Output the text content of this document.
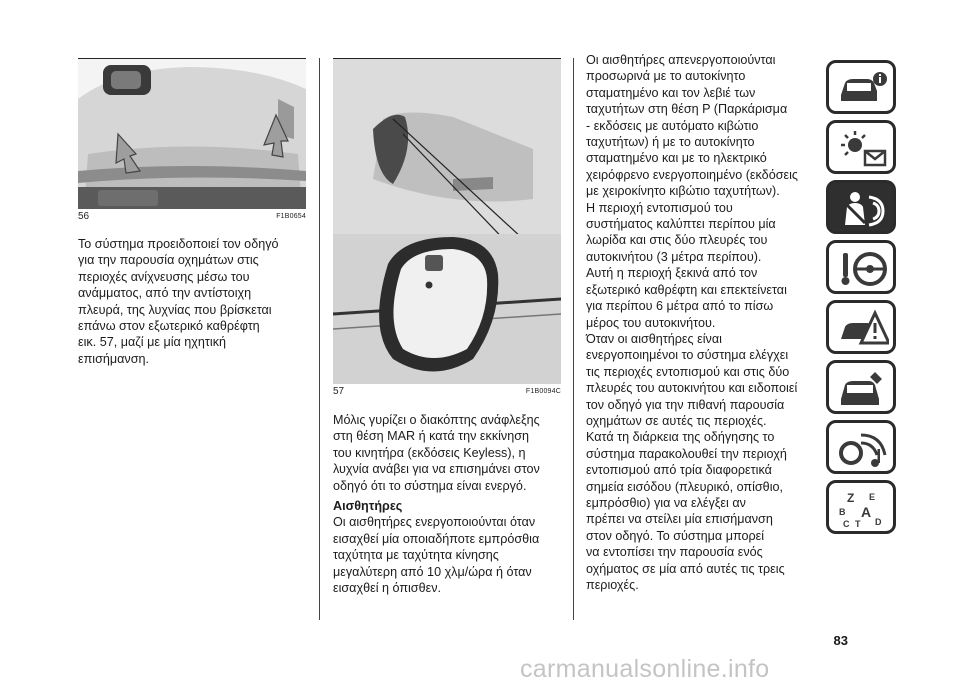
56	F1B0654

Το σύστημα προειδοποιεί τον οδηγό
για την παρουσία οχημάτων στις
περιοχές ανίχνευσης μέσω του
ανάμματος, από την αντίστοιχη
πλευρά, της λυχνίας που βρίσκεται
επάνω στον εξωτερικό καθρέφτη
εικ. 57, μαζί με μία ηχητική
επισήμανση.

57	F1B0094C

Μόλις γυρίζει ο διακόπτης ανάφλεξης
στη θέση MAR ή κατά την εκκίνηση
του κινητήρα (εκδόσεις Keyless), η
λυχνία ανάβει για να επισημάνει στον
οδηγό ότι το σύστημα είναι ενεργό.

Αισθητήρες

Οι αισθητήρες ενεργοποιούνται όταν
εισαχθεί μία οποιαδήποτε εμπρόσθια
ταχύτητα με ταχύτητα κίνησης
μεγαλύτερη από 10 χλμ/ώρα ή όταν
εισαχθεί η όπισθεν.

Οι αισθητήρες απενεργοποιούνται
προσωρινά με το αυτοκίνητο
σταματημένο και τον λεβιέ των
ταχυτήτων στη θέση P (Παρκάρισμα
- εκδόσεις με αυτόματο κιβώτιο
ταχυτήτων) ή με το αυτοκίνητο
σταματημένο και με το ηλεκτρικό
χειρόφρενο ενεργοποιημένο (εκδόσεις
με χειροκίνητο κιβώτιο ταχυτήτων).

Η περιοχή εντοπισμού του
συστήματος καλύπτει περίπου μία
λωρίδα και στις δύο πλευρές του
αυτοκινήτου (3 μέτρα περίπου).

Αυτή η περιοχή ξεκινά από τον
εξωτερικό καθρέφτη και επεκτείνεται
για περίπου 6 μέτρα από το πίσω
μέρος του αυτοκινήτου.

Όταν οι αισθητήρες είναι
ενεργοποιημένοι το σύστημα ελέγχει
τις περιοχές εντοπισμού και στις δύο
πλευρές του αυτοκινήτου και ειδοποιεί
τον οδηγό για την πιθανή παρουσία
οχημάτων σε αυτές τις περιοχές.

Κατά τη διάρκεια της οδήγησης το
σύστημα παρακολουθεί την περιοχή
εντοπισμού από τρία διαφορετικά
σημεία εισόδου (πλευρικό, οπίσθιο,
εμπρόσθιο) για να ελέγξει αν
πρέπει να στείλει μία επισήμανση
στον οδηγό. Το σύστημα μπορεί
να εντοπίσει την παρουσία ενός
οχήματος σε μία από αυτές τις τρεις
περιοχές.

Z E
B A
C T D
83
carmanualsonline.info
